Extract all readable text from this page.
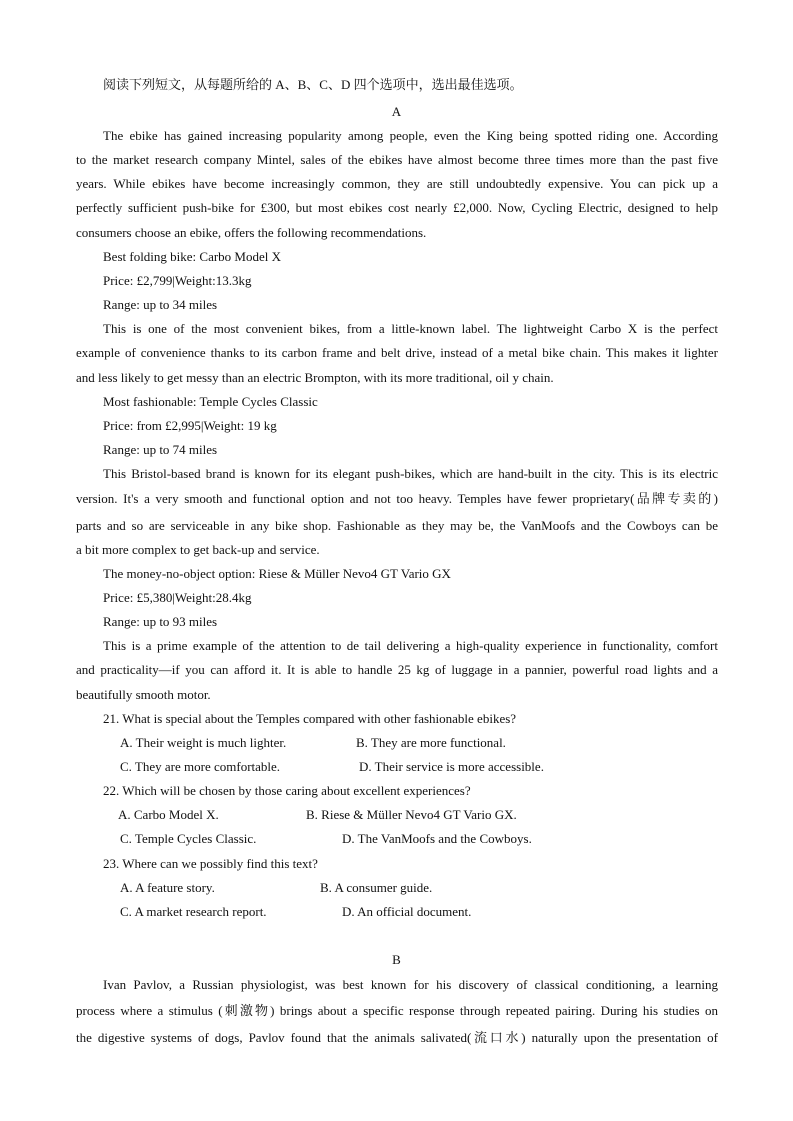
阅读下列短文，从每题所给的 A、B、C、D 四个选项中，选出最佳选项。
A
The ebike has gained increasing popularity among people, even the King being spotted riding one. According
to the market research company Mintel, sales of the ebikes have almost become three times more than the past five
years. While ebikes have become increasingly common, they are still undoubtedly expensive. You can pick up a
perfectly sufficient push-bike for £300, but most ebikes cost nearly £2,000. Now, Cycling Electric, designed to help
consumers choose an ebike, offers the following recommendations.
Best folding bike: Carbo Model X
Price: £2,799|Weight:13.3kg
Range: up to 34 miles
This is one of the most convenient bikes, from a little-known label. The lightweight Carbo X is the perfect
example of convenience thanks to its carbon frame and belt drive, instead of a metal bike chain. This makes it lighter
and less likely to get messy than an electric Brompton, with its more traditional, oil y chain.
Most fashionable: Temple Cycles Classic
Price: from £2,995|Weight: 19 kg
Range: up to 74 miles
This Bristol-based brand is known for its elegant push-bikes, which are hand-built in the city. This is its electric
version. It's a very smooth and functional option and not too heavy. Temples have fewer proprietary(品牌专卖的)
parts and so are serviceable in any bike shop. Fashionable as they may be, the VanMoofs and the Cowboys can be
a bit more complex to get back-up and service.
The money-no-object option: Riese & Müller Nevo4 GT Vario GX
Price: £5,380|Weight:28.4kg
Range: up to 93 miles
This is a prime example of the attention to de tail delivering a high-quality experience in functionality, comfort
and practicality—if you can afford it. It is able to handle 25 kg of luggage in a pannier, powerful road lights and a
beautifully smooth motor.
21. What is special about the Temples compared with other fashionable ebikes?
A. Their weight is much lighter.	B. They are more functional.
C. They are more comfortable.	D. Their service is more accessible.
22. Which will be chosen by those caring about excellent experiences?
A. Carbo Model X.	B. Riese & Müller Nevo4 GT Vario GX.
C. Temple Cycles Classic.	D. The VanMoofs and the Cowboys.
23. Where can we possibly find this text?
A. A feature story.	B. A consumer guide.
C. A market research report.	D. An official document.
B
Ivan Pavlov, a Russian physiologist, was best known for his discovery of classical conditioning, a learning
process where a stimulus (刺激物) brings about a specific response through repeated pairing. During his studies on
the digestive systems of dogs, Pavlov found that the animals salivated(流口水) naturally upon the presentation of
